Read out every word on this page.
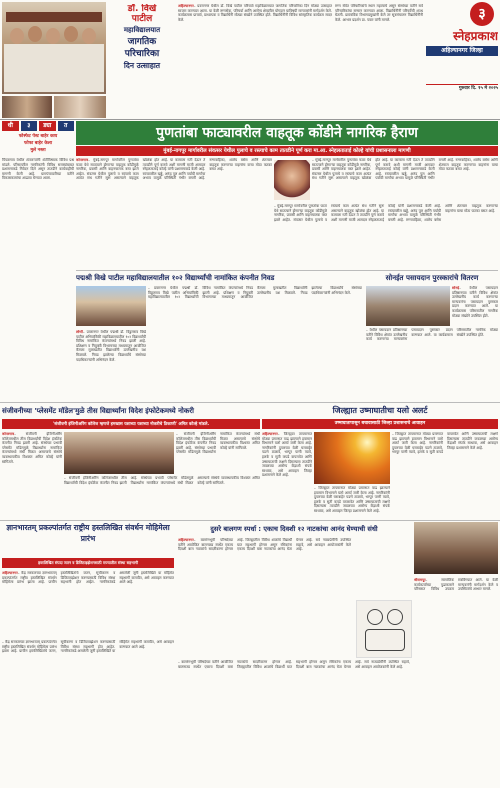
डॉ. विखे
पाटील
महाविद्यालयात
जागतिक
परिचारिका
दिन उत्साहात
अहिल्यानगर– प्रवरानगर येथील डॉ. विखे पाटील परिचर्या महाविद्यालयात जागतिक परिचारिका दिन मोठ्या उत्साहात साजरा करण्यात आला. या वेळी रुग्णसेवा, परिचर्या आणि आरोग्य क्षेत्रातील योगदान याविषयी मान्यवरांनी मार्गदर्शन केले. कार्यक्रमास प्राचार्य, प्राध्यापक व विद्यार्थिनी मोठ्या संख्येने उपस्थित होते. विद्यार्थिनींनी विविध सांस्कृतिक कार्यक्रम सादर केले.
रुग्ण सेवेत परिचारिकांचे स्थान महत्त्वाचे असून संस्थेच्या वतीने सर्व परिचारिकांचा सन्मान करण्यात आला. विद्यार्थिनींनी परिचर्येची शपथ घेतली. प्रास्ताविक विभागप्रमुखांनी केले तर सूत्रसंचालन विद्यार्थिनींनी केले. आभार प्रदर्शन प्रा. पवार यांनी मानले.	३
स्नेहप्रकाश
अहिल्यानगर जिल्हा
गुरुवार दि. १५ मे २०२५
धी	३	ड्या	त
फोस्फेट पेस्ट बाहेर काय
फोफा बाहेर केला
मुले नस्ता
पिंपळगाव येथील शेतकऱ्यांनी शेतीविषयक विविध प्रश्न मांडले. परिसरातील नागरिकांनी विविध समस्यांबाबत प्रशासनाकडे निवेदन दिले असून तातडीने कार्यवाहीची मागणी केली आहे. ग्रामपंचायतीच्या वतीने विकासकामांचा आढावा घेण्यात आला.
पुणतांबा फाट्यावरील वाहतूक कोंडीने नागरिक हैराण
मुंबई-नागपूर मार्गावरील संवत्सर येथील पुलाचे व रस्त्याचे काम तातडीने पूर्ण करा मा.आ. स्नेहलताताई कोल्हे यांची प्रशासनाला मागणी
कोपरगाव– मुंबई-नागपूर मार्गावरील पुणतांबा फाटा येथे सातत्याने होणाऱ्या वाहतूक कोंडीमुळे नागरिक, प्रवासी आणि वाहनचालक त्रस्त झाले आहेत. संवत्सर येथील पुलाचे व रस्त्याचे काम अत्यंत संथ गतीने सुरू असल्याने वाहतूक खोळंबा होत आहे. या कामाला गती देऊन ते तातडीने पूर्ण करावे अशी मागणी माजी आमदार स्नेहलताताई कोल्हे यांनी प्रशासनाकडे केली आहे. रस्त्यावरील खड्डे, अरुंद पूल आणि पर्यायी मार्गांचा अभाव यामुळे परिस्थिती गंभीर बनली आहे. रुग्णवाहिका, शालेय बसेस आणि शेतमाल वाहतूक करणाऱ्या वाहनांना याचा मोठा फटका बसत आहे.
– मुंबई-नागपूर मार्गावरील पुणतांबा फाटा येथे सातत्याने होणाऱ्या वाहतूक कोंडीमुळे नागरिक, प्रवासी आणि वाहनचालक त्रस्त झाले आहेत. संवत्सर येथील पुलाचे व रस्त्याचे काम अत्यंत संथ गतीने सुरू असल्याने वाहतूक खोळंबा होत आहे. या कामाला गती देऊन ते तातडीने पूर्ण करावे अशी मागणी माजी आमदार स्नेहलताताई कोल्हे यांनी प्रशासनाकडे केली आहे. रस्त्यावरील खड्डे, अरुंद पूल आणि पर्यायी मार्गांचा अभाव यामुळे परिस्थिती गंभीर बनली आहे. रुग्णवाहिका, शालेय बसेस आणि शेतमाल वाहतूक करणाऱ्या वाहनांना याचा मोठा फटका बसत आहे.
– मुंबई-नागपूर मार्गावरील पुणतांबा फाटा येथे सातत्याने होणाऱ्या वाहतूक कोंडीमुळे नागरिक, प्रवासी आणि वाहनचालक त्रस्त झाले आहेत. संवत्सर येथील पुलाचे व रस्त्याचे काम अत्यंत संथ गतीने सुरू असल्याने वाहतूक खोळंबा होत आहे. या कामाला गती देऊन ते तातडीने पूर्ण करावे अशी मागणी माजी आमदार स्नेहलताताई कोल्हे यांनी प्रशासनाकडे केली आहे. रस्त्यावरील खड्डे, अरुंद पूल आणि पर्यायी मार्गांचा अभाव यामुळे परिस्थिती गंभीर बनली आहे. रुग्णवाहिका, शालेय बसेस आणि शेतमाल वाहतूक करणाऱ्या वाहनांना याचा मोठा फटका बसत आहे.
पद्मश्री विखे पाटील महाविद्यालयातील १०२ विद्यार्थ्यांची नामांकित कंपनीत निवड
लोणी– प्रवरानगर येथील पद्मश्री डॉ. विठ्ठलराव विखे पाटील अभियांत्रिकी महाविद्यालयातील १०२ विद्यार्थ्यांची विविध नामांकित कंपन्यांमध्ये निवड झाली आहे. प्रशिक्षण व नियुक्ती विभागाच्या माध्यमातून आयोजित कॅम्पस मुलाखतीत विद्यार्थ्यांनी उल्लेखनीय यश मिळवले. निवड झालेल्या विद्यार्थ्यांचे संस्थेच्या पदाधिकाऱ्यांनी अभिनंदन केले.
– प्रवरानगर येथील पद्मश्री डॉ. विठ्ठलराव विखे पाटील अभियांत्रिकी महाविद्यालयातील १०२ विद्यार्थ्यांची विविध नामांकित कंपन्यांमध्ये निवड झाली आहे. प्रशिक्षण व नियुक्ती विभागाच्या माध्यमातून आयोजित कॅम्पस मुलाखतीत विद्यार्थ्यांनी उल्लेखनीय यश मिळवले. निवड झालेल्या विद्यार्थ्यांचे संस्थेच्या पदाधिकाऱ्यांनी अभिनंदन केले.
सोनईत पसायदान पुरस्कारांचे वितरण
सोनई– येथील पसायदान प्रतिष्ठानच्या वतीने विविध क्षेत्रांत उल्लेखनीय कार्य करणाऱ्या मान्यवरांना पसायदान पुरस्कार प्रदान करण्यात आले. या कार्यक्रमास परिसरातील नागरिक मोठ्या संख्येने उपस्थित होते.
– येथील पसायदान प्रतिष्ठानच्या वतीने विविध क्षेत्रांत उल्लेखनीय कार्य करणाऱ्या मान्यवरांना पसायदान पुरस्कार प्रदान करण्यात आले. या कार्यक्रमास परिसरातील नागरिक मोठ्या संख्येने उपस्थित होते.
संजीवनीच्या 'प्लेसमेंट मॉडेल'मुळे तीस विद्यार्थ्यांना विदेश इंफोटेकमध्ये नोकरी
'संजीवनी इंजिनीअरिंग कॉलेज म्हणजे हमखास यशाच्या यशाच्या नोकरीचे ठिकाणी' अमित कोल्हे मांडले.
कोपरगाव– संजीवनी इंजिनीअरिंग कॉलेजमधील तीस विद्यार्थ्यांची विदेश इंफोटेक कंपनीत निवड झाली आहे. संस्थेच्या प्रभावी प्लेसमेंट मॉडेलमुळे विद्यार्थ्यांना नामांकित कंपन्यांमध्ये संधी मिळत असल्याचे संस्थेचे व्यवस्थापकीय विश्वस्त अमित कोल्हे यांनी सांगितले.
– संजीवनी इंजिनीअरिंग कॉलेजमधील तीस विद्यार्थ्यांची विदेश इंफोटेक कंपनीत निवड झाली आहे. संस्थेच्या प्रभावी प्लेसमेंट मॉडेलमुळे विद्यार्थ्यांना नामांकित कंपन्यांमध्ये संधी मिळत असल्याचे संस्थेचे व्यवस्थापकीय विश्वस्त अमित कोल्हे यांनी सांगितले.
– संजीवनी इंजिनीअरिंग कॉलेजमधील तीस विद्यार्थ्यांची विदेश इंफोटेक कंपनीत निवड झाली आहे. संस्थेच्या प्रभावी प्लेसमेंट मॉडेलमुळे विद्यार्थ्यांना नामांकित कंपन्यांमध्ये संधी मिळत असल्याचे संस्थेचे व्यवस्थापकीय विश्वस्त अमित कोल्हे यांनी सांगितले.
जिल्ह्यात उष्माघातीचा यलो अलर्ट
उष्माघातापासून बचावासाठी जिल्हा प्रशासनाचे आवाहन
अहिल्यानगर– जिल्ह्यात तापमानात मोठ्या प्रमाणात वाढ झाल्याने हवामान विभागाने यलो अलर्ट जारी केला आहे. नागरिकांनी दुपारच्या वेळी घराबाहेर पडणे टाळावे, भरपूर पाणी प्यावे, हलके व सुती कपडे वापरावेत आणि उष्माघाताची लक्षणे दिसल्यास तातडीने जवळच्या आरोग्य केंद्राशी संपर्क साधावा, असे आवाहन जिल्हा प्रशासनाने केले आहे.
– जिल्ह्यात तापमानात मोठ्या प्रमाणात वाढ झाल्याने हवामान विभागाने यलो अलर्ट जारी केला आहे. नागरिकांनी दुपारच्या वेळी घराबाहेर पडणे टाळावे, भरपूर पाणी प्यावे, हलके व सुती कपडे वापरावेत आणि उष्माघाताची लक्षणे दिसल्यास तातडीने जवळच्या आरोग्य केंद्राशी संपर्क साधावा, असे आवाहन जिल्हा प्रशासनाने केले आहे.
– जिल्ह्यात तापमानात मोठ्या प्रमाणात वाढ झाल्याने हवामान विभागाने यलो अलर्ट जारी केला आहे. नागरिकांनी दुपारच्या वेळी घराबाहेर पडणे टाळावे, भरपूर पाणी प्यावे, हलके व सुती कपडे वापरावेत आणि उष्माघाताची लक्षणे दिसल्यास तातडीने जवळच्या आरोग्य केंद्राशी संपर्क साधावा, असे आवाहन जिल्हा प्रशासनाने केले आहे.
ज्ञानभारतम् प्रकल्पांतर्गत राष्ट्रीय हस्तलिखित संवर्धन मोहिमेला प्रारंभ
हस्तलिखित संपदा जतन व डिजिटाइझेशनसाठी राज्यातील संस्था सहभागी
अहिल्यानगर– केंद्र सरकारच्या ज्ञानभारतम् प्रकल्पांतर्गत राष्ट्रीय हस्तलिखित संवर्धन मोहिमेला प्रारंभ झाला आहे. प्राचीन हस्तलिखितांचे जतन, सूचीकरण व डिजिटायझेशन करण्यासाठी विविध संस्था सहभागी होत आहेत. नागरिकांकडे असलेली जुनी हस्तलिखिते या मोहिमेत सहभागी करावीत, असे आवाहन करण्यात आले आहे.
– केंद्र सरकारच्या ज्ञानभारतम् प्रकल्पांतर्गत राष्ट्रीय हस्तलिखित संवर्धन मोहिमेला प्रारंभ झाला आहे. प्राचीन हस्तलिखितांचे जतन, सूचीकरण व डिजिटायझेशन करण्यासाठी विविध संस्था सहभागी होत आहेत. नागरिकांकडे असलेली जुनी हस्तलिखिते या मोहिमेत सहभागी करावीत, असे आवाहन करण्यात आले आहे.
दुसरे बालगण स्पर्धा : एकाच दिवशी १२ नाटकांचा आनंद घेण्याची संधी
अहिल्यानगर– बालरंगभूमी परिषदेच्या वतीने आयोजित बालनाट्य स्पर्धेत एकाच दिवशी बारा नाटकांचे सादरीकरण होणार आहे. जिल्ह्यातील विविध शाळांचे विद्यार्थी यात सहभागी होणार असून रसिकांना एकाच दिवशी बारा नाटकांचा आनंद घेता येणार आहे. सर्व नाट्यप्रेमींनी उपस्थित राहावे, असे आवाहन आयोजकांनी केले आहे.
– बालरंगभूमी परिषदेच्या वतीने आयोजित बालनाट्य स्पर्धेत एकाच दिवशी बारा नाटकांचे सादरीकरण होणार आहे. जिल्ह्यातील विविध शाळांचे विद्यार्थी यात सहभागी होणार असून रसिकांना एकाच दिवशी बारा नाटकांचा आनंद घेता येणार आहे. सर्व नाट्यप्रेमींनी उपस्थित राहावे, असे आवाहन आयोजकांनी केले आहे.
श्रीरामपूर– सामाजिक कार्यकर्त्यांच्या पुढाकाराने परिसरात विविध उपक्रम राबविण्यात आले. या वेळी मान्यवरांनी मार्गदर्शन केले व उपस्थितांचे आभार मानले.
